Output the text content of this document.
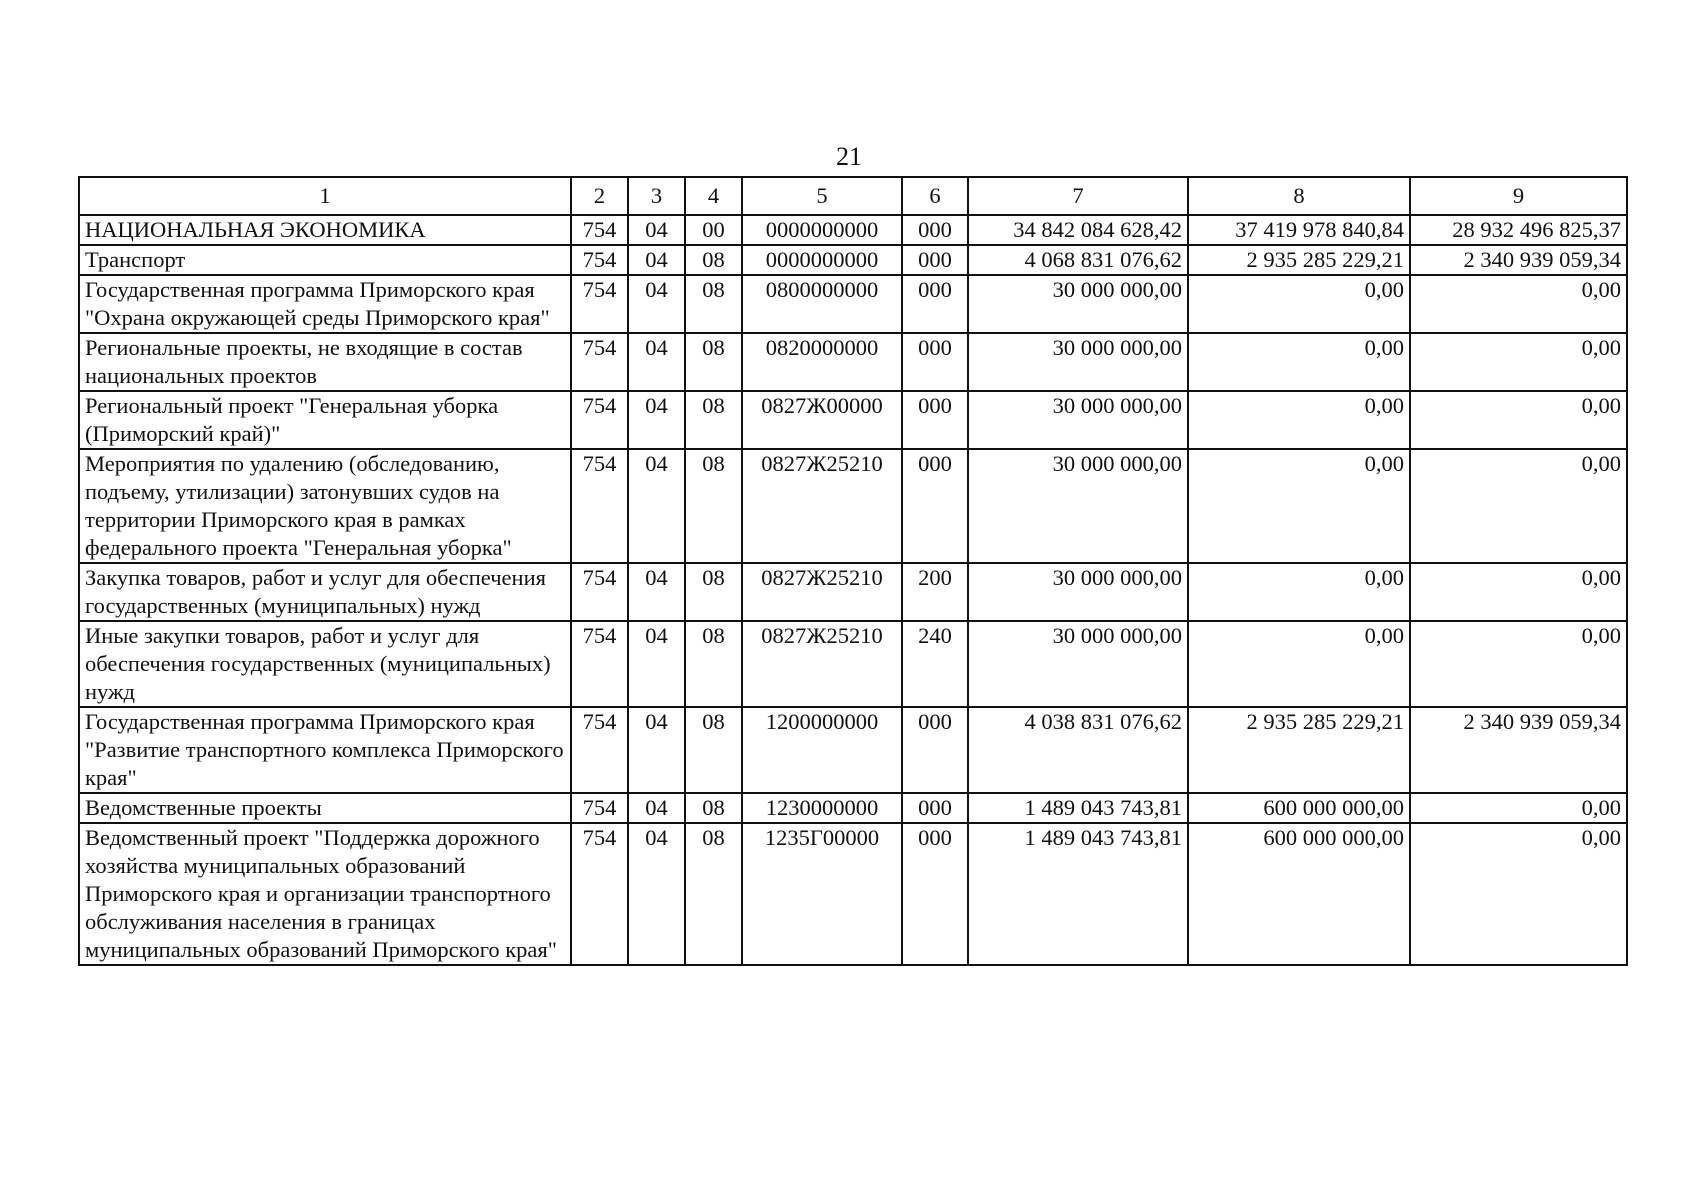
21
1	2	3	4	5	6	7	8	9
НАЦИОНАЛЬНАЯ ЭКОНОМИКА	754	04	00	0000000000	000	34 842 084 628,42	37 419 978 840,84	28 932 496 825,37
Транспорт	754	04	08	0000000000	000	4 068 831 076,62	2 935 285 229,21	2 340 939 059,34
Государственная программа Приморского края "Охрана окружающей среды Приморского края"	754	04	08	0800000000	000	30 000 000,00	0,00	0,00
Региональные проекты, не входящие в состав национальных проектов	754	04	08	0820000000	000	30 000 000,00	0,00	0,00
Региональный проект "Генеральная уборка (Приморский край)"	754	04	08	0827Ж00000	000	30 000 000,00	0,00	0,00
Мероприятия по удалению (обследованию, подъему, утилизации) затонувших судов на территории Приморского края в рамках федерального проекта "Генеральная уборка"	754	04	08	0827Ж25210	000	30 000 000,00	0,00	0,00
Закупка товаров, работ и услуг для обеспечения государственных (муниципальных) нужд	754	04	08	0827Ж25210	200	30 000 000,00	0,00	0,00
Иные закупки товаров, работ и услуг для обеспечения государственных (муниципальных) нужд	754	04	08	0827Ж25210	240	30 000 000,00	0,00	0,00
Государственная программа Приморского края "Развитие транспортного комплекса Приморского края"	754	04	08	1200000000	000	4 038 831 076,62	2 935 285 229,21	2 340 939 059,34
Ведомственные проекты	754	04	08	1230000000	000	1 489 043 743,81	600 000 000,00	0,00
Ведомственный проект "Поддержка дорожного хозяйства муниципальных образований Приморского края и организации транспортного обслуживания населения в границах муниципальных образований Приморского края"	754	04	08	1235Г00000	000	1 489 043 743,81	600 000 000,00	0,00
